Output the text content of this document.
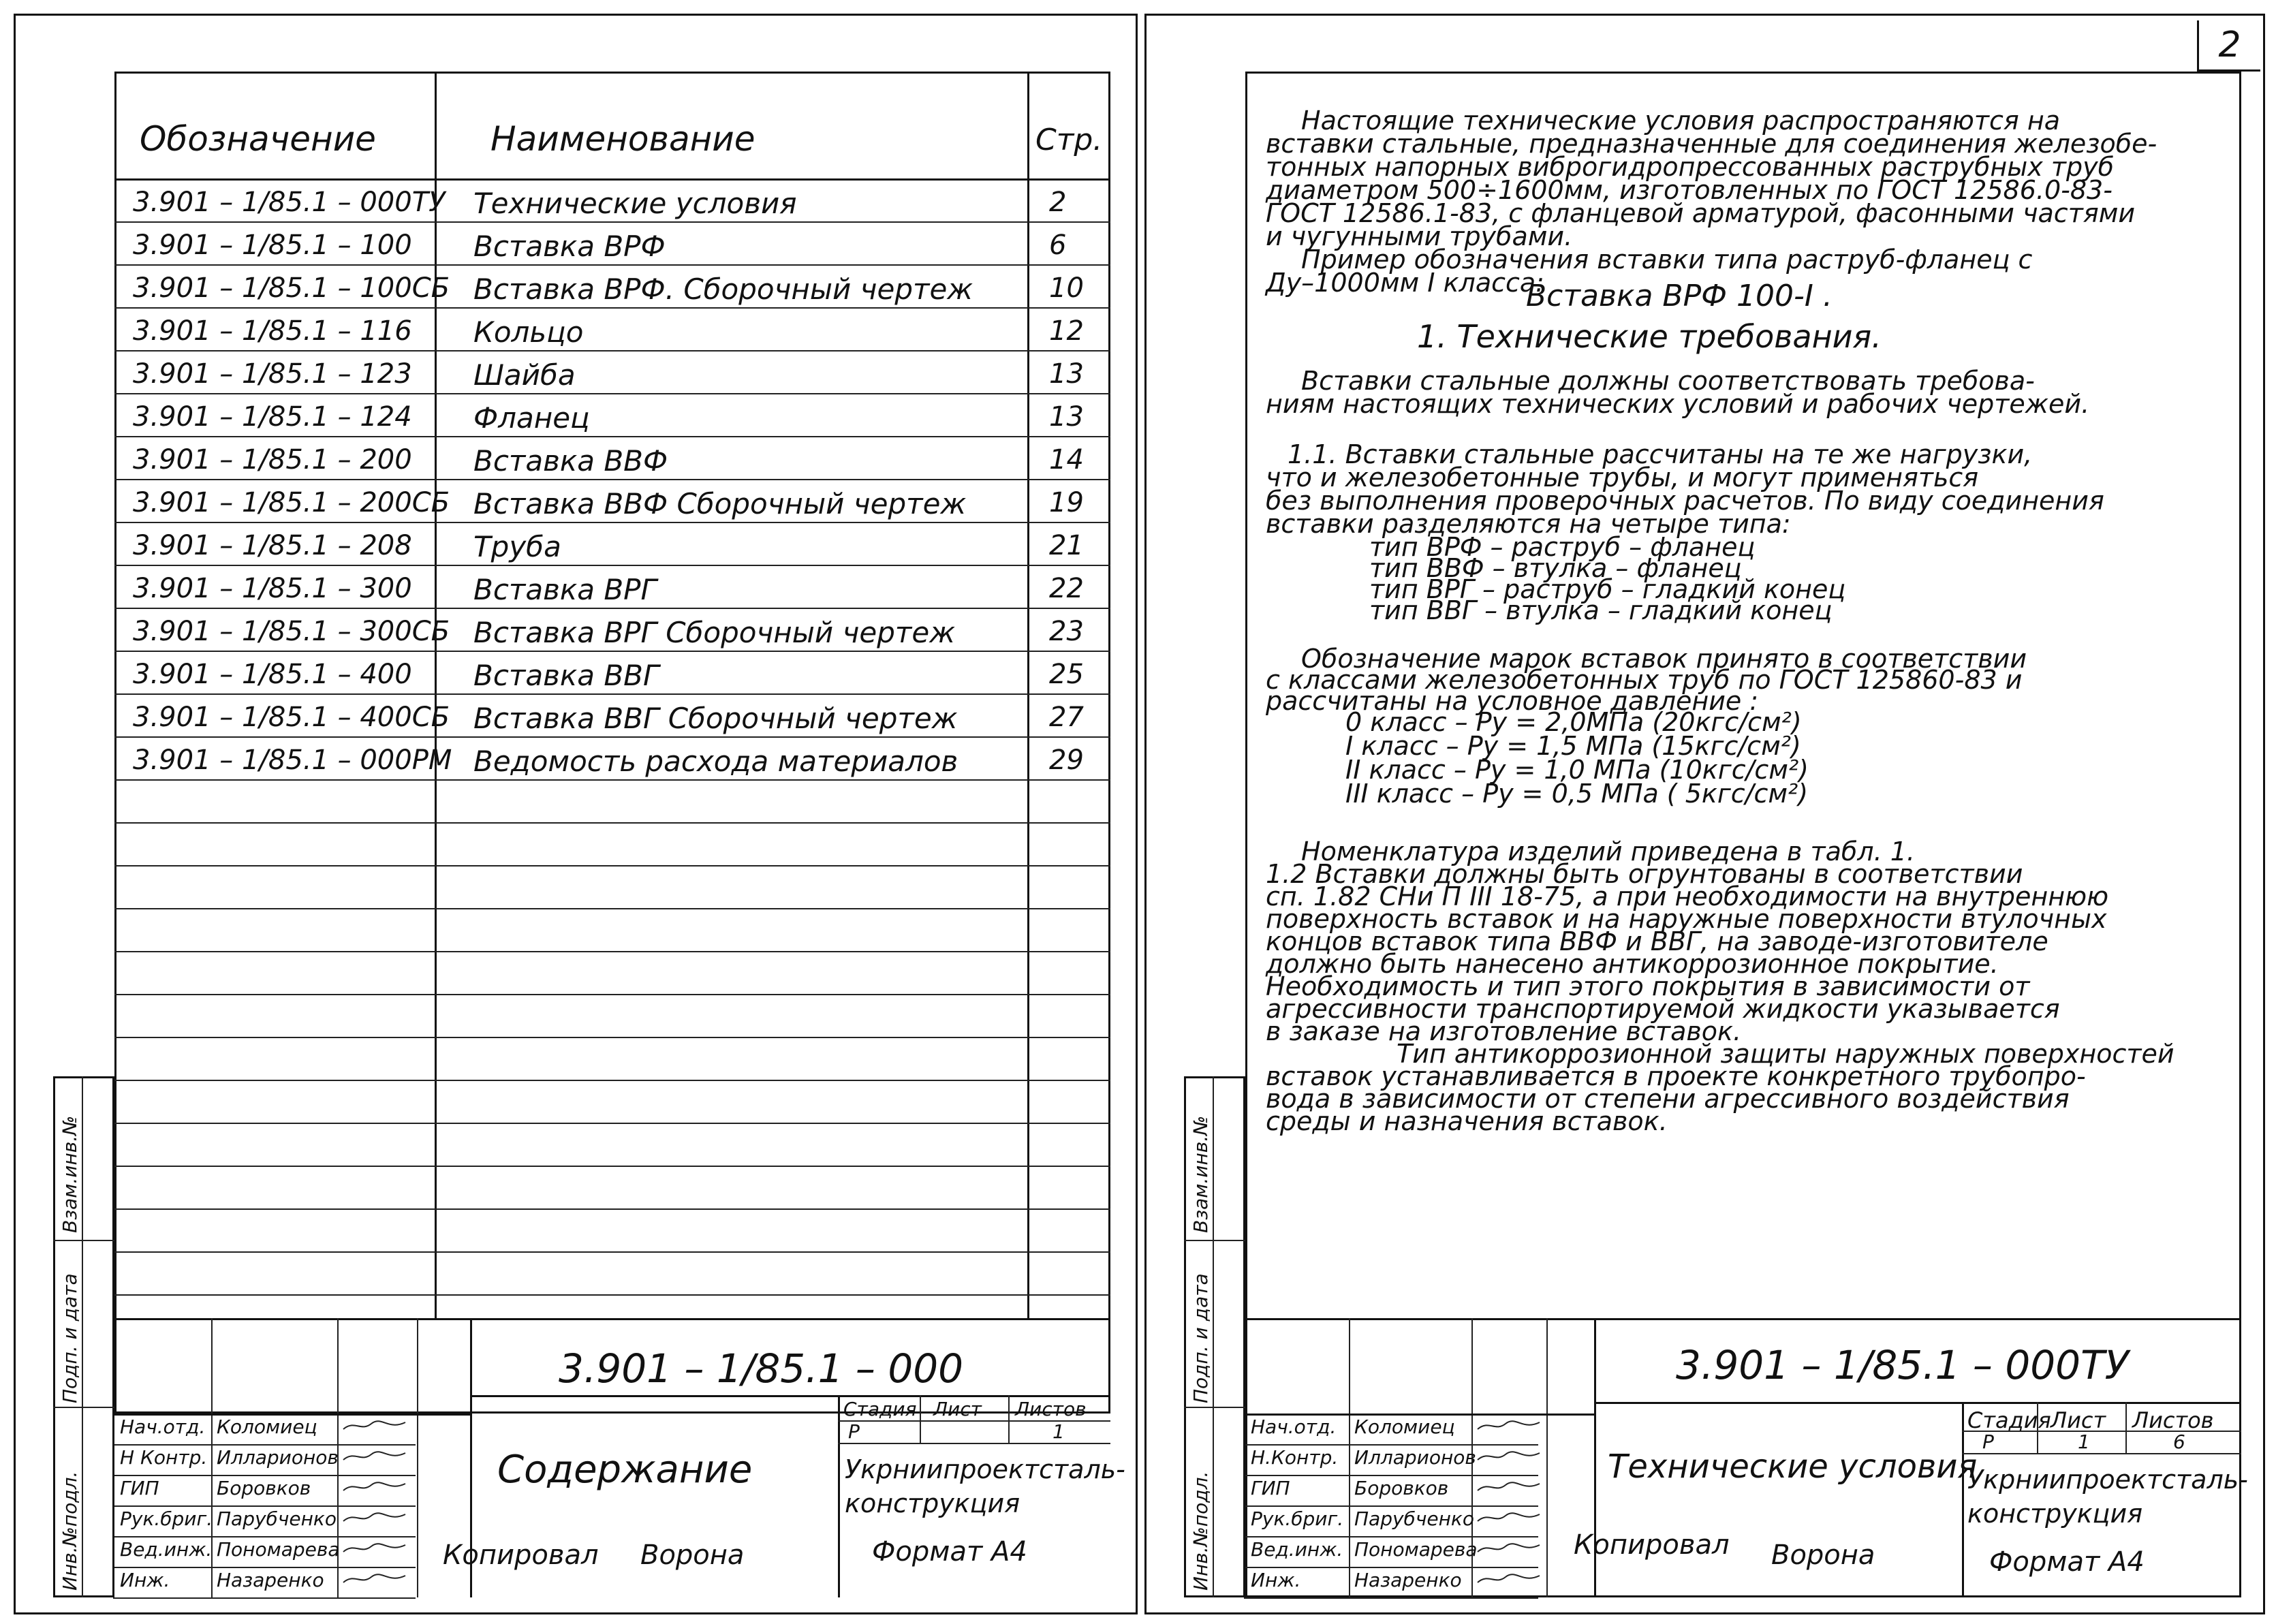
2
Обозначение	Наименование	Стр.
3.901 – 1/85.1 – 000ТУ Технические условия	2
3.901 – 1/85.1 – 100 Вставка ВРФ	6
3.901 – 1/85.1 – 100СБ Вставка ВРФ. Сборочный чертеж	10
3.901 – 1/85.1 – 116 Кольцо	12
3.901 – 1/85.1 – 123 Шайба	13
3.901 – 1/85.1 – 124 Фланец	13
3.901 – 1/85.1 – 200 Вставка ВВФ	14
3.901 – 1/85.1 – 200СБ Вставка ВВФ Сборочный чертеж	19
3.901 – 1/85.1 – 208 Труба	21
3.901 – 1/85.1 – 300 Вставка ВРГ	22
3.901 – 1/85.1 – 300СБ Вставка ВРГ Сборочный чертеж	23
3.901 – 1/85.1 – 400 Вставка ВВГ	25
3.901 – 1/85.1 – 400СБ Вставка ВВГ Сборочный чертеж	27
3.901 – 1/85.1 – 000РМ Ведомость расхода материалов	29
3.901 – 1/85.1 – 000
Стадия Лист Листов
Р	1
Содержание	Укрниипроектсталь-
конструкция
Нач.отд. Коломиец
Н Контр. Илларионов
ГИП	Боровков
Рук.бриг. Парубченко
Вед.инж. Пономарева
Инж. Назаренко
Инв.№подл.
Подп. и дата
Взам.инв.№
Копировал Ворона	Формат А4
Настоящие технические условия распространяются на
вставки стальные, предназначенные для соединения железобе-
тонных напорных виброгидропрессованных раструбных труб
диаметром 500÷1600мм, изготовленных по ГОСТ 12586.0-83-
ГОСТ 12586.1-83, с фланцевой арматурой, фасонными частями
и чугунными трубами.
Пример обозначения вставки типа раструб-фланец с
Ду–1000мм I класса:
Вставка ВРФ 100-I .
1. Технические требования.
Вставки стальные должны соответствовать требова-
ниям настоящих технических условий и рабочих чертежей.
1.1. Вставки стальные рассчитаны на те же нагрузки,
что и железобетонные трубы, и могут применяться
без выполнения проверочных расчетов. По виду соединения
вставки разделяются на четыре типа:
тип ВРФ – раструб – фланец
тип ВВФ – втулка – фланец
тип ВРГ – раструб – гладкий конец
тип ВВГ – втулка – гладкий конец
Обозначение марок вставок принято в соответствии
с классами железобетонных труб по ГОСТ 125860-83 и
рассчитаны на условное давление :
0 класс – Ру = 2,0МПа (20кгс/см²)
I класс – Ру = 1,5 МПа (15кгс/см²)
II класс – Ру = 1,0 МПа (10кгс/см²)
III класс – Ру = 0,5 МПа ( 5кгс/см²)
Номенклатура изделий приведена в табл. 1.
1.2 Вставки должны быть огрунтованы в соответствии
сп. 1.82 СНи П III 18-75, а при необходимости на внутреннюю
поверхность вставок и на наружные поверхности втулочных
концов вставок типа ВВФ и ВВГ, на заводе-изготовителе
должно быть нанесено антикоррозионное покрытие.
Необходимость и тип этого покрытия в зависимости от
агрессивности транспортируемой жидкости указывается
в заказе на изготовление вставок.
Тип антикоррозионной защиты наружных поверхностей
вставок устанавливается в проекте конкретного трубопро-
вода в зависимости от степени агрессивного воздействия
среды и назначения вставок.
3.901 – 1/85.1 – 000ТУ
Стадия Лист Листов
Р	1	6
Технические условия
Укрниипроектсталь-
конструкция
Нач.отд. Коломиец
Н.Контр. Илларионов
ГИП	Боровков
Рук.бриг. Парубченко
Вед.инж. Пономарева
Инж.	Назаренко
Инв.№подл.
Подп. и дата
Взам.инв.№
Копировал Ворона	Формат А4
